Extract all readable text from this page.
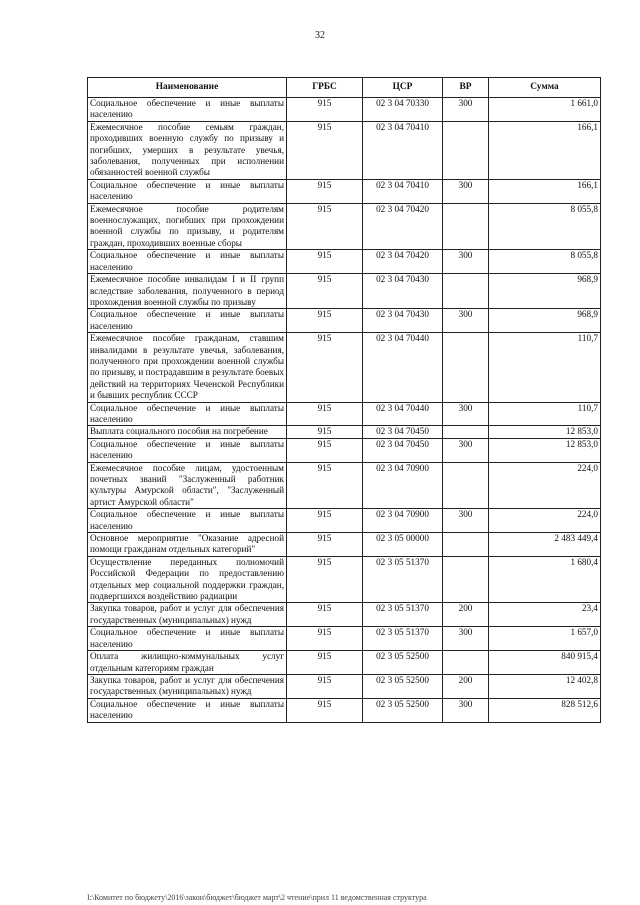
32
Наименование	ГРБС	ЦСР	ВР	Сумма
Социальное обеспечение и иные выплаты населению	915	02 3 04 70330	300	1 661,0
Ежемесячное пособие семьям граждан, проходивших военную службу по призыву и погибших, умерших в результате увечья, заболевания, полученных при исполнении обязанностей военной службы	915	02 3 04 70410		166,1
Социальное обеспечение и иные выплаты населению	915	02 3 04 70410	300	166,1
Ежемесячное пособие родителям военнослужащих, погибших при прохождении военной службы по призыву, и родителям граждан, проходивших военные сборы	915	02 3 04 70420		8 055,8
Социальное обеспечение и иные выплаты населению	915	02 3 04 70420	300	8 055,8
Ежемесячное пособие инвалидам I и II групп вследствие заболевания, полученного в период прохождения военной службы по призыву	915	02 3 04 70430		968,9
Социальное обеспечение и иные выплаты населению	915	02 3 04 70430	300	968,9
Ежемесячное пособие гражданам, ставшим инвалидами в результате увечья, заболевания, полученного при прохождении военной службы по призыву, и пострадавшим в результате боевых действий на территориях Чеченской Республики и бывших республик СССР	915	02 3 04 70440		110,7
Социальное обеспечение и иные выплаты населению	915	02 3 04 70440	300	110,7
Выплата социального пособия на погребение	915	02 3 04 70450		12 853,0
Социальное обеспечение и иные выплаты населению	915	02 3 04 70450	300	12 853,0
Ежемесячное пособие лицам, удостоенным почетных званий "Заслуженный работник культуры Амурской области", "Заслуженный артист Амурской области"	915	02 3 04 70900		224,0
Социальное обеспечение и иные выплаты населению	915	02 3 04 70900	300	224,0
Основное мероприятие "Оказание адресной помощи гражданам отдельных категорий"	915	02 3 05 00000		2 483 449,4
Осуществление переданных полномочий Российской Федерации по предоставлению отдельных мер социальной поддержки граждан, подвергшихся воздействию радиации	915	02 3 05 51370		1 680,4
Закупка товаров, работ и услуг для обеспечения государственных (муниципальных) нужд	915	02 3 05 51370	200	23,4
Социальное обеспечение и иные выплаты населению	915	02 3 05 51370	300	1 657,0
Оплата жилищно-коммунальных услуг отдельным категориям граждан	915	02 3 05 52500		840 915,4
Закупка товаров, работ и услуг для обеспечения государственных (муниципальных) нужд	915	02 3 05 52500	200	12 402,8
Социальное обеспечение и иные выплаты населению	915	02 3 05 52500	300	828 512,6
I:\Комитет по бюджету\2016\закон\бюджет\бюджет март\2 чтение\прил 11 ведомственная структура
